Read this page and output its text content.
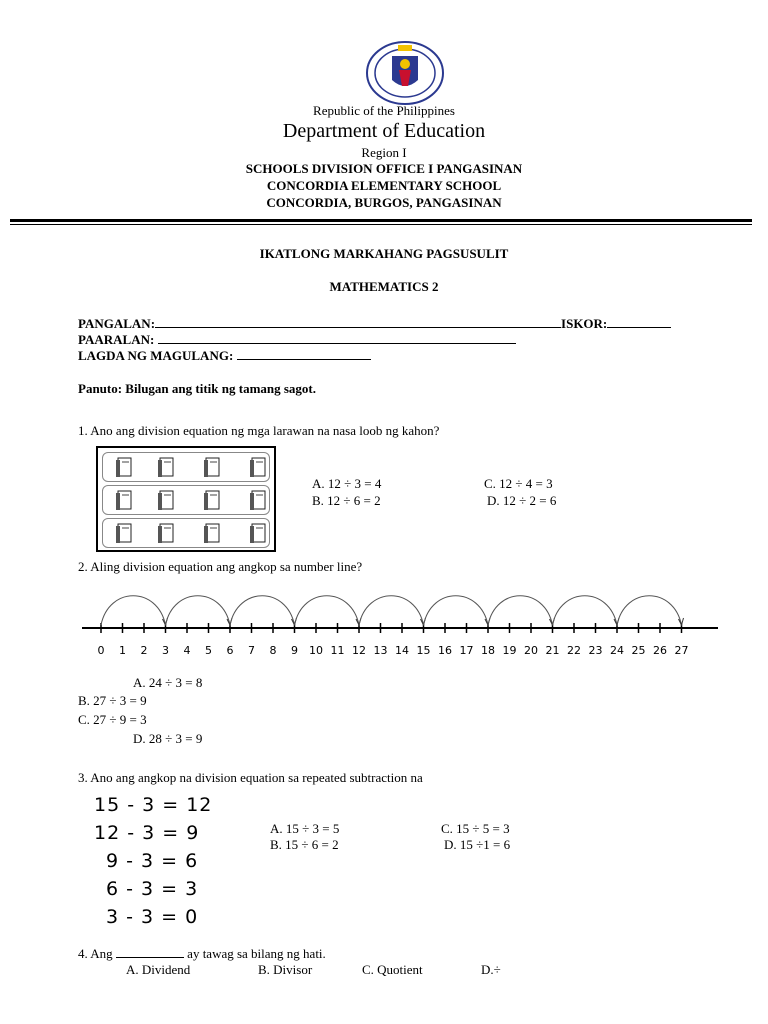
Republic of the Philippines
Department of Education
Region I
SCHOOLS DIVISION OFFICE I PANGASINAN
CONCORDIA ELEMENTARY SCHOOL
CONCORDIA, BURGOS, PANGASINAN
IKATLONG MARKAHANG PAGSUSULIT
MATHEMATICS 2
PANGALAN:	ISKOR:
PAARALAN:
LAGDA NG MAGULANG:
Panuto: Bilugan ang titik ng tamang sagot.
1. Ano ang division equation ng mga larawan na nasa loob ng kahon?
A. 12 ÷ 3 = 4
B. 12 ÷ 6 = 2
C. 12 ÷ 4 = 3
D. 12 ÷ 2 = 6
2. Aling division equation ang angkop sa number line?
0 1 2 3 4 5 6 7 8 9 10 11 12 13 14 15 16 17 18 19 20 21 22 23 24 25 26 27
A. 24 ÷ 3 = 8
B. 27 ÷ 3 = 9
C. 27 ÷ 9 = 3
D. 28 ÷ 3 = 9
3. Ano ang angkop na division equation sa repeated subtraction na
15 - 3 = 12
12 - 3 = 9
9 - 3 = 6
6 - 3 = 3
3 - 3 = 0
A. 15 ÷ 3 = 5
B. 15 ÷ 6 = 2
C. 15 ÷ 5 = 3
D. 15 ÷1 = 6
4. Ang	ay tawag sa bilang ng hati.
A. Dividend	B. Divisor	C. Quotient	D.÷
